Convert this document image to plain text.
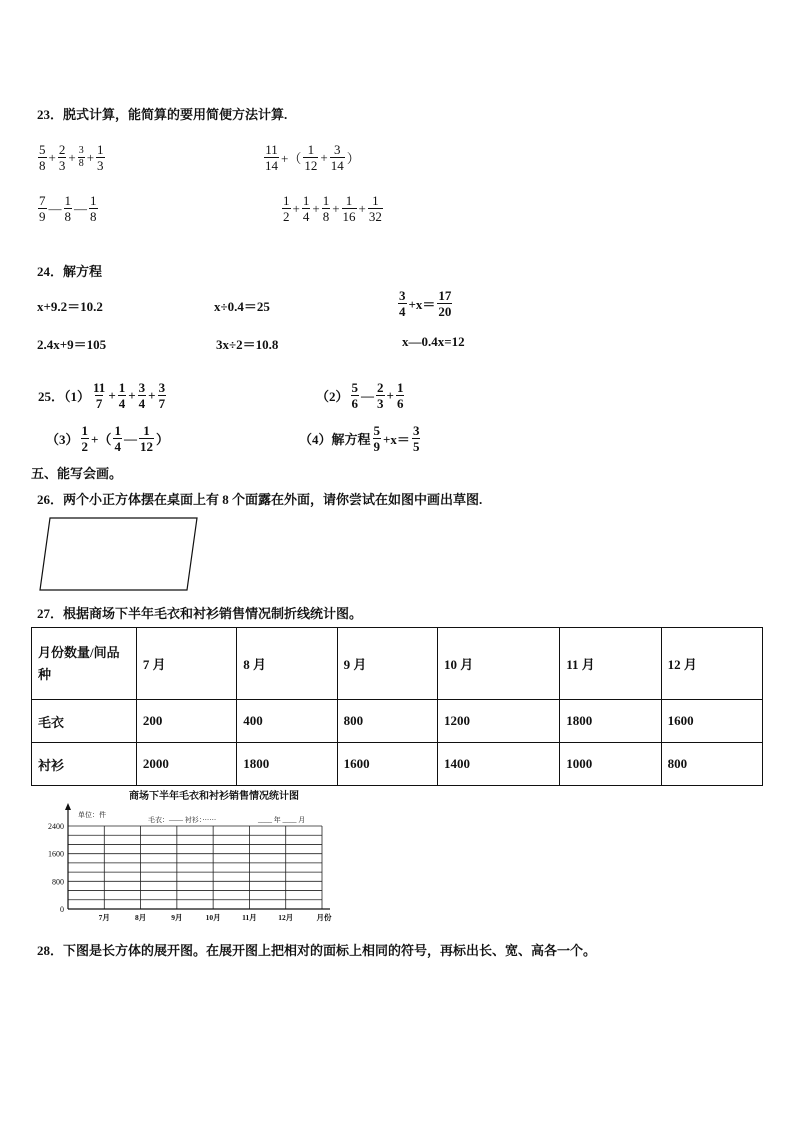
23．脱式计算，能简算的要用简便方法计算.
$\frac{5}{8} + \frac{2}{3} + \frac{3}{8} + \frac{1}{3}$	$\frac{11}{14}$ +（ $\frac{1}{12} + \frac{3}{14}$ ）
$\frac{7}{9}$ — $\frac{1}{8}$ — $\frac{1}{8}$	$\frac{1}{2} + \frac{1}{4} + \frac{1}{8} + \frac{1}{16} + \frac{1}{32}$
24．解方程
x+9.2＝10.2	x÷0.4＝25	$\frac{3}{4} +x= \frac{17}{20}$
2.4x+9＝105	3x÷2＝10.8	x—0.4x=12
25．$(1) \frac{11}{7} + \frac{1}{4} + \frac{3}{4} + \frac{3}{7}$	$(2) \frac{5}{6}$ — $\frac{2}{3} + \frac{1}{6}$
$(3) \frac{1}{2}$ +（ $\frac{1}{4}$ — $\frac{1}{12}$ ）	（4）解方程 $\frac{5}{9} +x= \frac{3}{5}$
五、能写会画。
26．两个小正方体摆在桌面上有 8 个面露在外面，请你尝试在如图中画出草图.
27．根据商场下半年毛衣和衬衫销售情况制折线统计图。
月份数量/间品种	7 月	8 月	9 月	10 月	11 月	12 月
毛衣	200	400	800	1200	1800	1600
衬衫	2000	1800	1600	1400	1000	800
商场下半年毛衣和衬衫销售情况统计图
单位：件
毛衣：—— 衬衫：······	____ 年 ____ 月
0
800
1600
2400
7月	8月	9月	10月	11月	12月	月份
28．下图是长方体的展开图。在展开图上把相对的面标上相同的符号，再标出长、宽、高各一个。
